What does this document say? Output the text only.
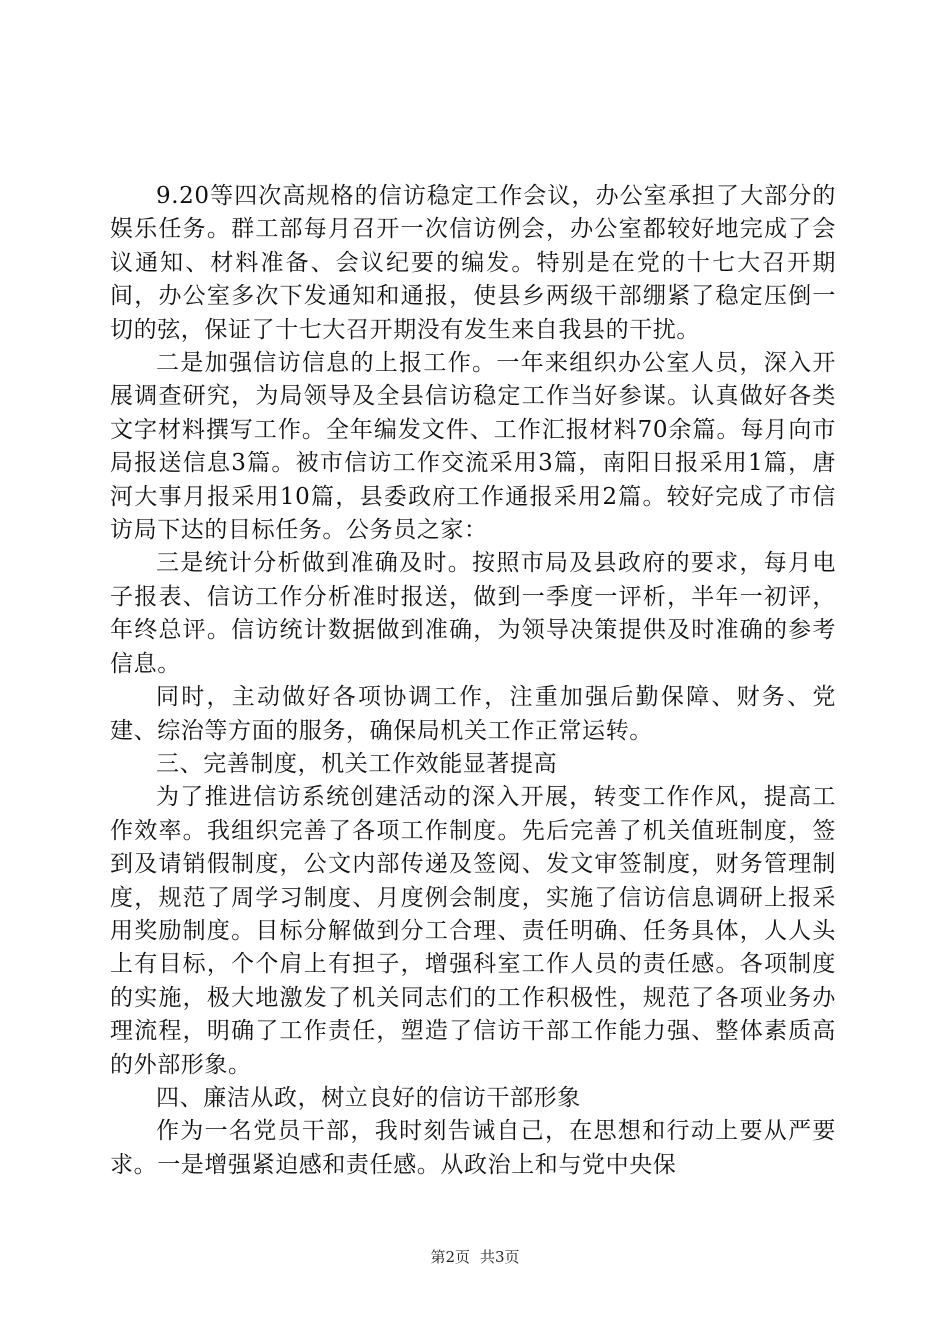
9.20等四次高规格的信访稳定工作会议，办公室承担了大部分的娱乐任务。群工部每月召开一次信访例会，办公室都较好地完成了会议通知、材料准备、会议纪要的编发。特别是在党的十七大召开期间，办公室多次下发通知和通报，使县乡两级干部绷紧了稳定压倒一切的弦，保证了十七大召开期没有发生来自我县的干扰。

二是加强信访信息的上报工作。一年来组织办公室人员，深入开展调查研究，为局领导及全县信访稳定工作当好参谋。认真做好各类文字材料撰写工作。全年编发文件、工作汇报材料70余篇。每月向市局报送信息3篇。被市信访工作交流采用3篇，南阳日报采用1篇，唐河大事月报采用10篇，县委政府工作通报采用2篇。较好完成了市信访局下达的目标任务。公务员之家：

三是统计分析做到准确及时。按照市局及县政府的要求，每月电子报表、信访工作分析准时报送，做到一季度一评析，半年一初评，年终总评。信访统计数据做到准确，为领导决策提供及时准确的参考信息。

同时，主动做好各项协调工作，注重加强后勤保障、财务、党建、综治等方面的服务，确保局机关工作正常运转。

三、完善制度，机关工作效能显著提高

为了推进信访系统创建活动的深入开展，转变工作作风，提高工作效率。我组织完善了各项工作制度。先后完善了机关值班制度，签到及请销假制度，公文内部传递及签阅、发文审签制度，财务管理制度，规范了周学习制度、月度例会制度，实施了信访信息调研上报采用奖励制度。目标分解做到分工合理、责任明确、任务具体，人人头上有目标，个个肩上有担子，增强科室工作人员的责任感。各项制度的实施，极大地激发了机关同志们的工作积极性，规范了各项业务办理流程，明确了工作责任，塑造了信访干部工作能力强、整体素质高的外部形象。

四、廉洁从政，树立良好的信访干部形象

作为一名党员干部，我时刻告诫自己，在思想和行动上要从严要求。一是增强紧迫感和责任感。从政治上和与党中央保

第2页 共3页
